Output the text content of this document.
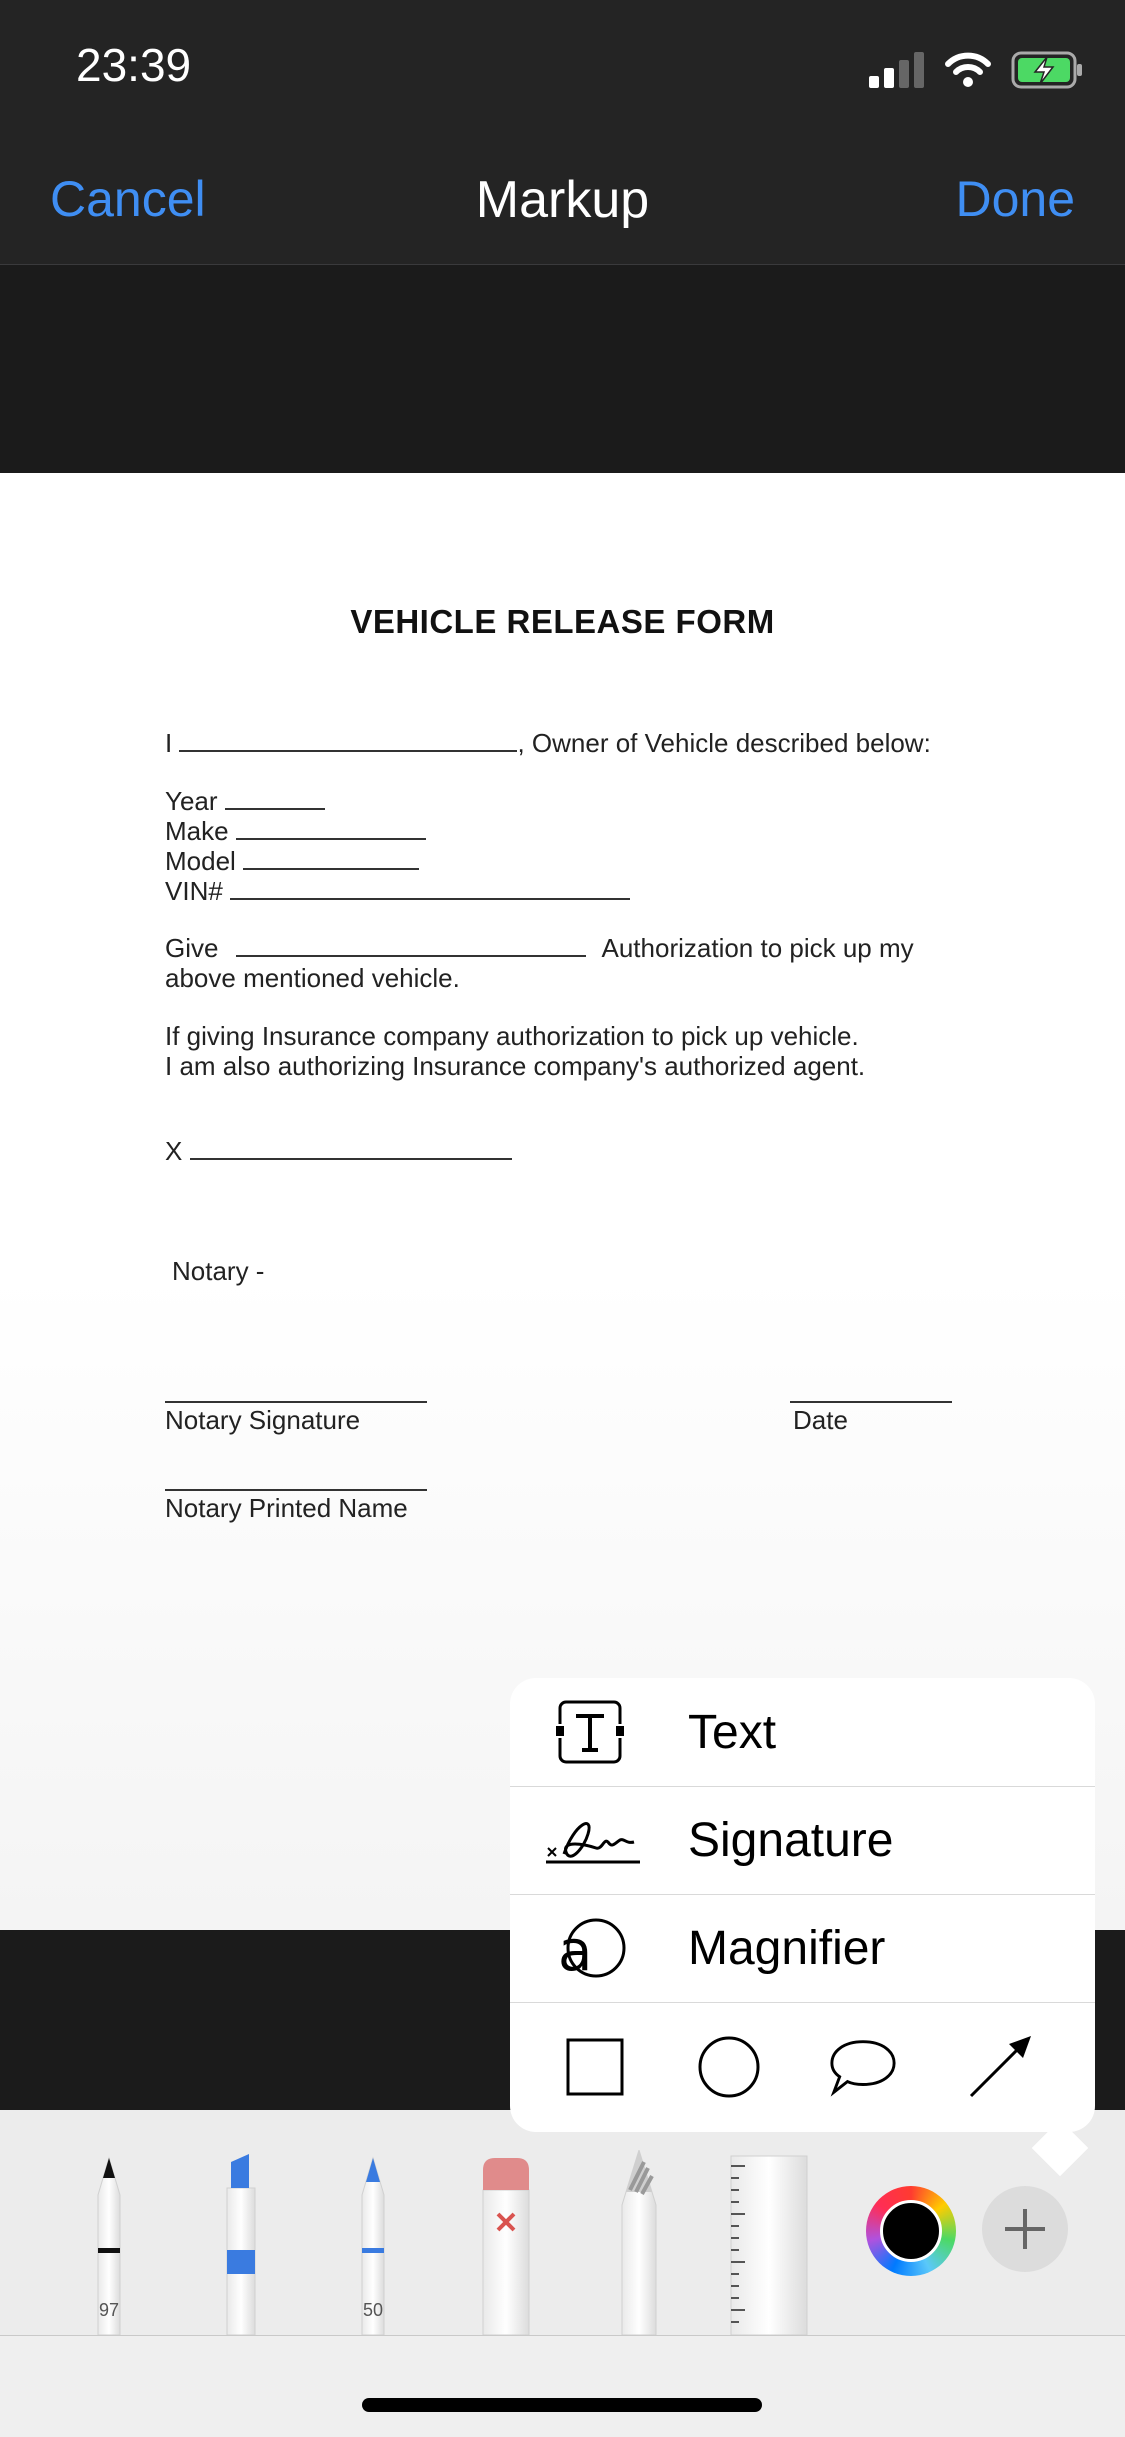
23:39
Cancel	Markup	Done
VEHICLE RELEASE FORM
I	, Owner of Vehicle described below:
Year
Make
Model
VIN#
Give	Authorization to pick up my
above mentioned vehicle.
If giving Insurance company authorization to pick up vehicle.
I am also authorizing Insurance company's authorized agent.
X
Notary -
Notary Signature	Date
Notary Printed Name
97	50
Text
Signature
a Magnifier
